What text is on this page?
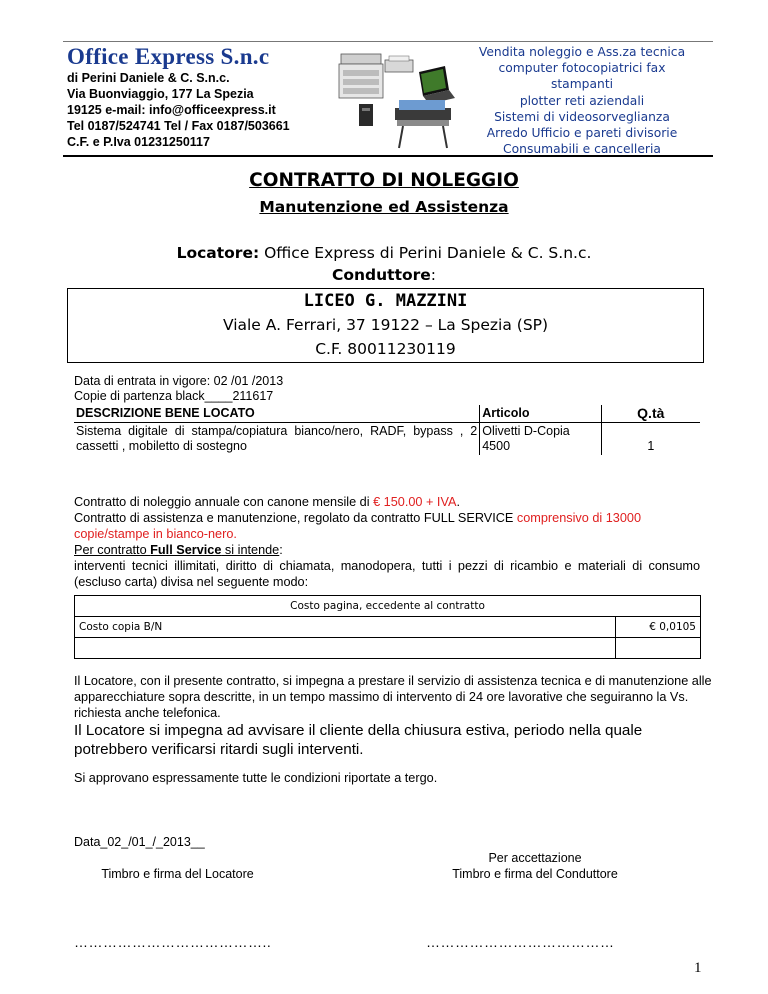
Office Express S.n.c
di Perini Daniele & C. S.n.c.
Via Buonviaggio, 177 La Spezia
19125 e-mail: info@officeexpress.it
Tel 0187/524741 Tel / Fax 0187/503661
C.F. e P.Iva 01231250117
Vendita noleggio e Ass.za tecnica
computer fotocopiatrici fax
stampanti
plotter reti aziendali
Sistemi di videosorveglianza
Arredo Ufficio e pareti divisorie
Consumabili e cancelleria
CONTRATTO DI NOLEGGIO
Manutenzione ed Assistenza
Locatore: Office Express di Perini Daniele & C. S.n.c.
Conduttore:
LICEO G. MAZZINI
Viale A. Ferrari, 37 19122 – La Spezia (SP)
C.F. 80011230119
Data di entrata in vigore: 02 /01 /2013
Copie di partenza black____211617
DESCRIZIONE BENE LOCATO	Articolo	Q.tà
Sistema digitale di stampa/copiatura bianco/nero, RADF, bypass , 2 cassetti , mobiletto di sostegno	Olivetti D-Copia 4500	1
Contratto di noleggio annuale con canone mensile di € 150.00 + IVA.
Contratto di assistenza e manutenzione, regolato da contratto FULL SERVICE comprensivo di 13000 copie/stampe in bianco-nero.
Per contratto Full Service si intende:
interventi tecnici illimitati, diritto di chiamata, manodopera, tutti i pezzi di ricambio e materiali di consumo (escluso carta) divisa nel seguente modo:
Costo pagina, eccedente al contratto	
Costo copia B/N	€ 0,0105

Il Locatore, con il presente contratto, si impegna a prestare il servizio di assistenza tecnica e di manutenzione alle apparecchiature sopra descritte, in un tempo massimo di intervento di 24 ore lavorative che seguiranno la Vs. richiesta anche telefonica.
Il Locatore si impegna ad avvisare il cliente della chiusura estiva, periodo nella quale potrebbero verificarsi ritardi sugli interventi.
Si approvano espressamente tutte le condizioni riportate a tergo.
Data_02_/01_/_2013__
Timbro e firma del Locatore
Per accettazione
Timbro e firma del Conduttore
…………………………………..	…………………………………
1
